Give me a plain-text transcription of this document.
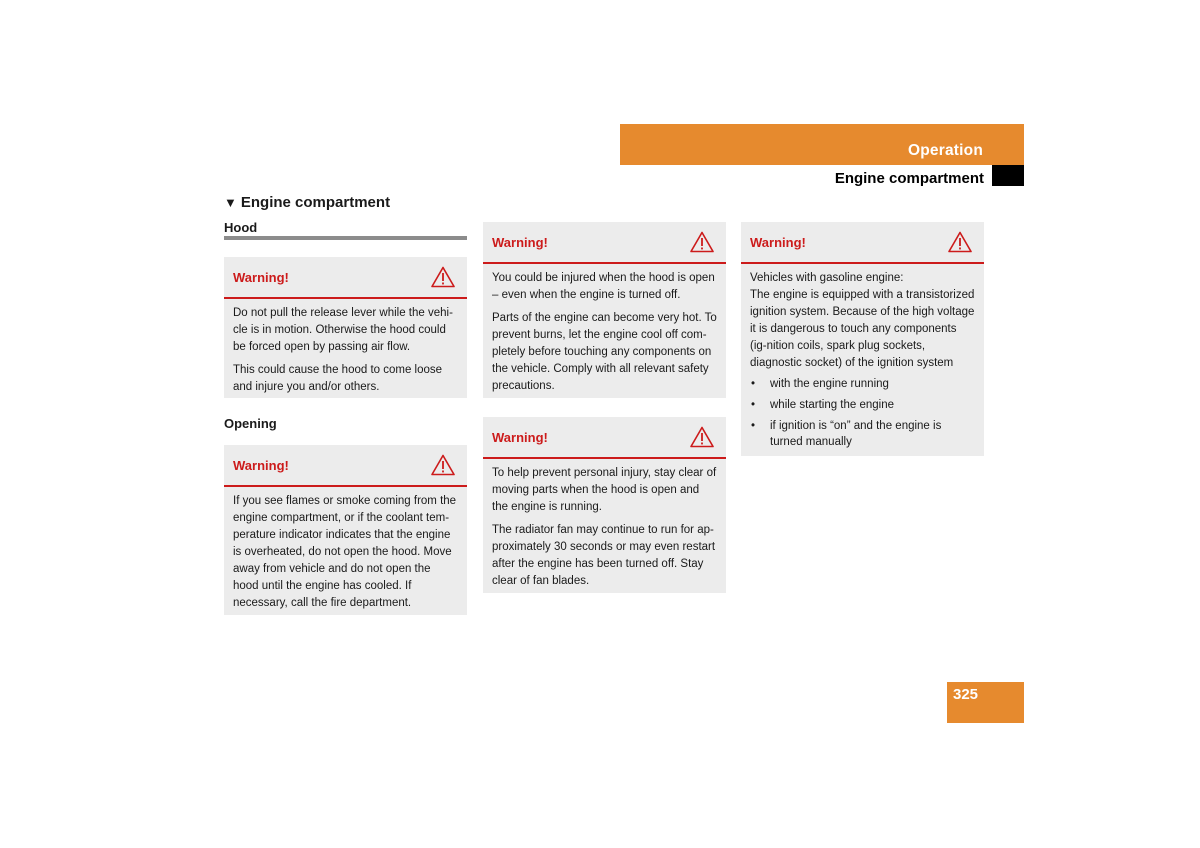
Operation
Engine compartment
▼ Engine compartment
Hood
Warning!

Do not pull the release lever while the vehi-cle is in motion. Otherwise the hood could be forced open by passing air flow.

This could cause the hood to come loose and injure you and/or others.

Opening
Warning!

If you see flames or smoke coming from the engine compartment, or if the coolant tem-perature indicator indicates that the engine is overheated, do not open the hood. Move away from vehicle and do not open the hood until the engine has cooled. If necessary, call the fire department.

Warning!

You could be injured when the hood is open – even when the engine is turned off.

Parts of the engine can become very hot. To prevent burns, let the engine cool off com-pletely before touching any components on the vehicle. Comply with all relevant safety precautions.

Warning!

To help prevent personal injury, stay clear of moving parts when the hood is open and the engine is running.

The radiator fan may continue to run for ap-proximately 30 seconds or may even restart after the engine has been turned off. Stay clear of fan blades.

Warning!
Vehicles with gasoline engine:
The engine is equipped with a transistorized ignition system. Because of the high voltage it is dangerous to touch any components (ig-nition coils, spark plug sockets, diagnostic socket) of the ignition system
• with the engine running
• while starting the engine
• if ignition is “on” and the engine is turned manually
325
